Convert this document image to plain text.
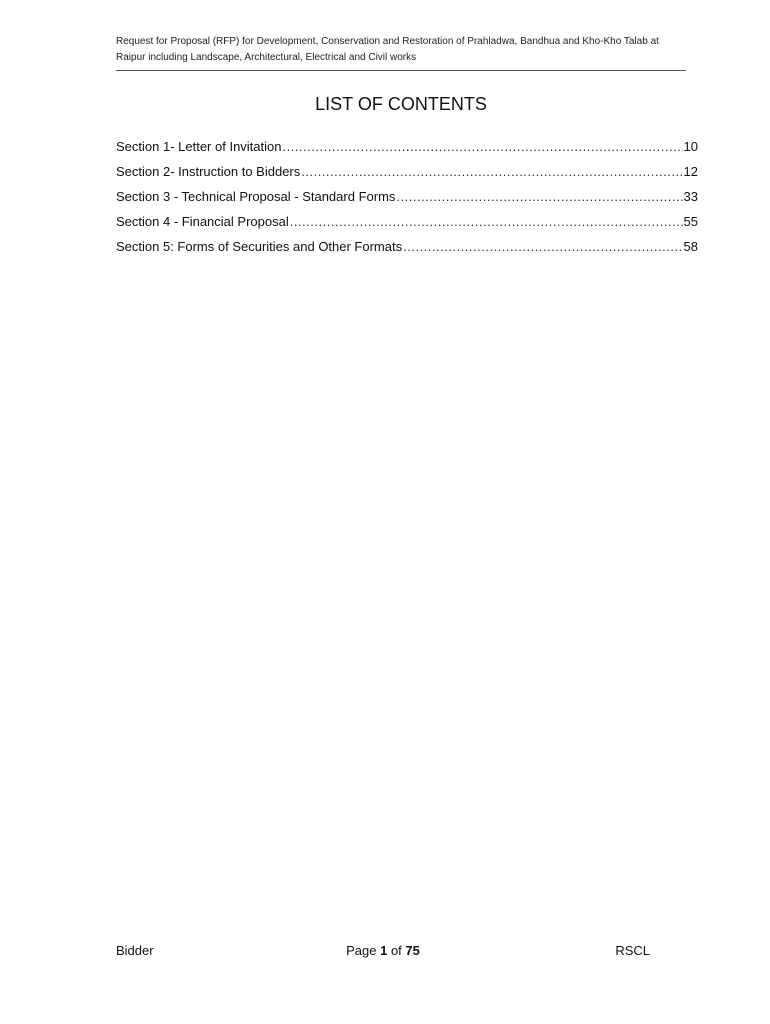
Request for Proposal (RFP) for Development, Conservation and Restoration of Prahladwa, Bandhua and Kho-Kho Talab at
Raipur including Landscape, Architectural, Electrical and Civil works
LIST OF CONTENTS
Section 1- Letter of Invitation .....	10
Section 2- Instruction to Bidders .....	12
Section 3 - Technical Proposal - Standard Forms .....	33
Section 4 - Financial Proposal .....	55
Section 5: Forms of Securities and Other Formats .....	58
Bidder	Page 1 of 75	RSCL
